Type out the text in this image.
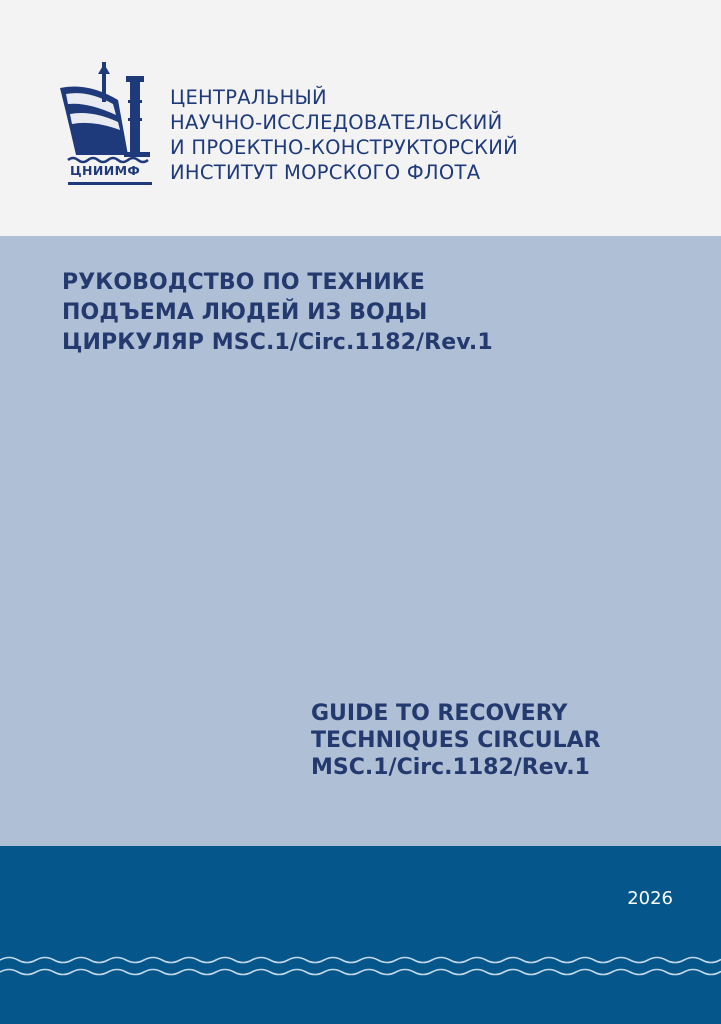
ЦНИИМФ
ЦЕНТРАЛЬНЫЙ
НАУЧНО-ИССЛЕДОВАТЕЛЬСКИЙ
И ПРОЕКТНО-КОНСТРУКТОРСКИЙ
ИНСТИТУТ МОРСКОГО ФЛОТА
РУКОВОДСТВО ПО ТЕХНИКЕ
ПОДЪЕМА ЛЮДЕЙ ИЗ ВОДЫ
ЦИРКУЛЯР MSC.1/Circ.1182/Rev.1
GUIDE TO RECOVERY
TECHNIQUES CIRCULAR
MSC.1/Circ.1182/Rev.1
2026
